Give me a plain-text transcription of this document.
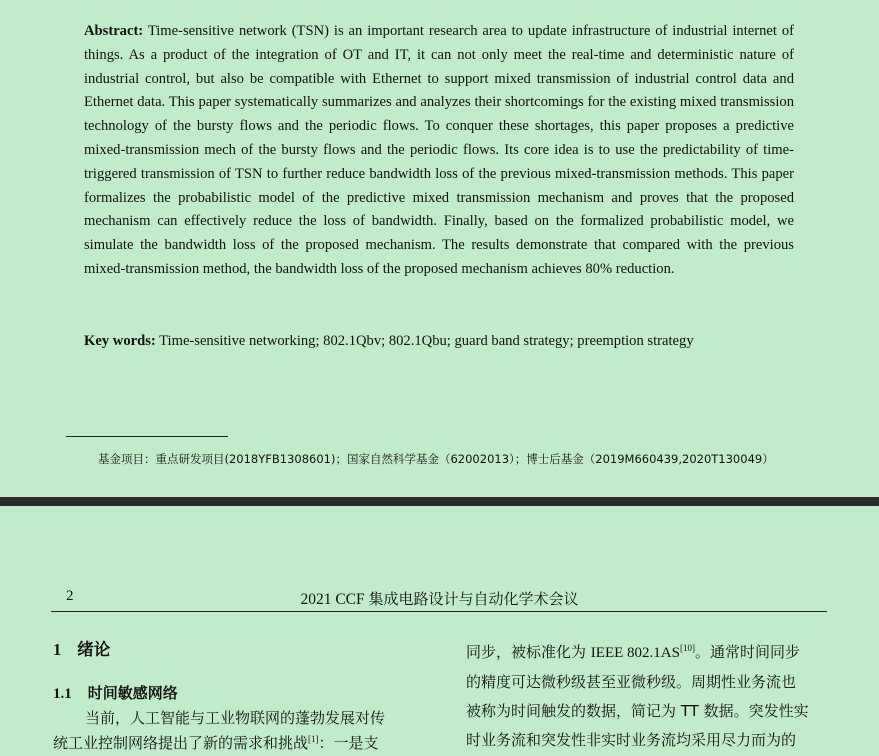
Abstract: Time-sensitive network (TSN) is an important research area to update infrastructure of industrial internet of things. As a product of the integration of OT and IT, it can not only meet the real-time and deterministic nature of industrial control, but also be compatible with Ethernet to support mixed transmission of industrial control data and Ethernet data. This paper systematically summarizes and analyzes their shortcomings for the existing mixed transmission technology of the bursty flows and the periodic flows. To conquer these shortages, this paper proposes a predictive mixed-transmission mech of the bursty flows and the periodic flows. Its core idea is to use the predictability of time-triggered transmission of TSN to further reduce bandwidth loss of the previous mixed-transmission methods. This paper formalizes the probabilistic model of the predictive mixed transmission mechanism and proves that the proposed mechanism can effectively reduce the loss of bandwidth. Finally, based on the formalized probabilistic model, we simulate the bandwidth loss of the proposed mechanism. The results demonstrate that compared with the previous mixed-transmission method, the bandwidth loss of the proposed mechanism achieves 80% reduction.
Key words: Time-sensitive networking; 802.1Qbv; 802.1Qbu; guard band strategy; preemption strategy
基金项目：重点研发项目(2018YFB1308601)；国家自然科学基金（62002013）；博士后基金（2019M660439,2020T130049）
2	2021 CCF 集成电路设计与自动化学术会议
1 绪论
1.1 时间敏感网络

当前，人工智能与工业物联网的蓬勃发展对传

统工业控制网络提出了新的需求和挑战[1]：一是支

同步，被标准化为 IEEE 802.1AS[10]。通常时间同步

的精度可达微秒级甚至亚微秒级。周期性业务流也

被称为时间触发的数据，简记为 TT 数据。突发性实

时业务流和突发性非实时业务流均采用尽力而为的
